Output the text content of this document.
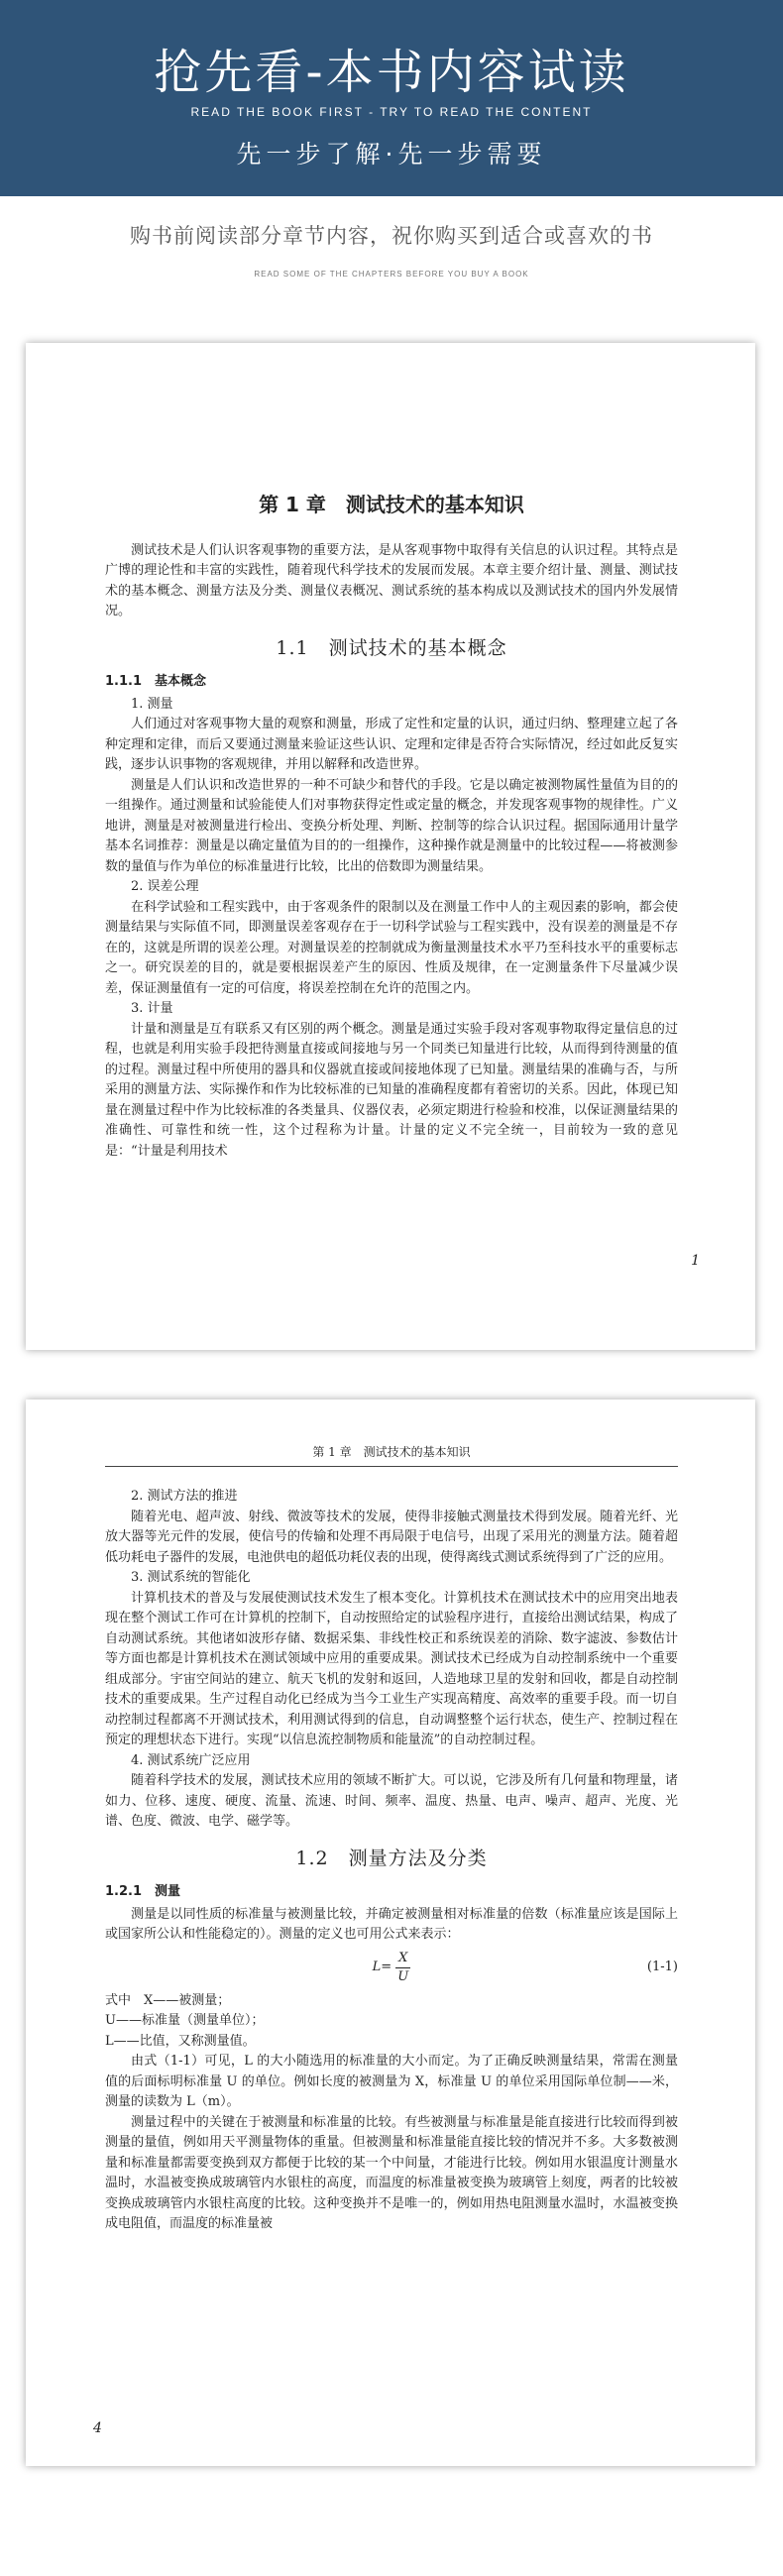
抢先看-本书内容试读
READ THE BOOK FIRST - TRY TO READ THE CONTENT
先一步了解·先一步需要
购书前阅读部分章节内容，祝你购买到适合或喜欢的书
READ SOME OF THE CHAPTERS BEFORE YOU BUY A BOOK
第 1 章　测试技术的基本知识

测试技术是人们认识客观事物的重要方法，是从客观事物中取得有关信息的认识过程。其特点是广博的理论性和丰富的实践性，随着现代科学技术的发展而发展。本章主要介绍计量、测量、测试技术的基本概念、测量方法及分类、测量仪表概况、测试系统的基本构成以及测试技术的国内外发展情况。

1.1　测试技术的基本概念
1.1.1　基本概念
1. 测量

人们通过对客观事物大量的观察和测量，形成了定性和定量的认识，通过归纳、整理建立起了各种定理和定律，而后又要通过测量来验证这些认识、定理和定律是否符合实际情况，经过如此反复实践，逐步认识事物的客观规律，并用以解释和改造世界。

测量是人们认识和改造世界的一种不可缺少和替代的手段。它是以确定被测物属性量值为目的的一组操作。通过测量和试验能使人们对事物获得定性或定量的概念，并发现客观事物的规律性。广义地讲，测量是对被测量进行检出、变换分析处理、判断、控制等的综合认识过程。据国际通用计量学基本名词推荐：测量是以确定量值为目的的一组操作，这种操作就是测量中的比较过程——将被测参数的量值与作为单位的标准量进行比较，比出的倍数即为测量结果。

2. 误差公理

在科学试验和工程实践中，由于客观条件的限制以及在测量工作中人的主观因素的影响，都会使测量结果与实际值不同，即测量误差客观存在于一切科学试验与工程实践中，没有误差的测量是不存在的，这就是所谓的误差公理。对测量误差的控制就成为衡量测量技术水平乃至科技水平的重要标志之一。研究误差的目的，就是要根据误差产生的原因、性质及规律，在一定测量条件下尽量减少误差，保证测量值有一定的可信度，将误差控制在允许的范围之内。

3. 计量

计量和测量是互有联系又有区别的两个概念。测量是通过实验手段对客观事物取得定量信息的过程，也就是利用实验手段把待测量直接或间接地与另一个同类已知量进行比较，从而得到待测量的值的过程。测量过程中所使用的器具和仪器就直接或间接地体现了已知量。测量结果的准确与否，与所采用的测量方法、实际操作和作为比较标准的已知量的准确程度都有着密切的关系。因此，体现已知量在测量过程中作为比较标准的各类量具、仪器仪表，必须定期进行检验和校准，以保证测量结果的准确性、可靠性和统一性，这个过程称为计量。计量的定义不完全统一，目前较为一致的意见是：“计量是利用技术

1
第 1 章　测试技术的基本知识
2. 测试方法的推进

随着光电、超声波、射线、微波等技术的发展，使得非接触式测量技术得到发展。随着光纤、光放大器等光元件的发展，使信号的传输和处理不再局限于电信号，出现了采用光的测量方法。随着超低功耗电子器件的发展，电池供电的超低功耗仪表的出现，使得离线式测试系统得到了广泛的应用。

3. 测试系统的智能化

计算机技术的普及与发展使测试技术发生了根本变化。计算机技术在测试技术中的应用突出地表现在整个测试工作可在计算机的控制下，自动按照给定的试验程序进行，直接给出测试结果，构成了自动测试系统。其他诸如波形存储、数据采集、非线性校正和系统误差的消除、数字滤波、参数估计等方面也都是计算机技术在测试领域中应用的重要成果。测试技术已经成为自动控制系统中一个重要组成部分。宇宙空间站的建立、航天飞机的发射和返回，人造地球卫星的发射和回收，都是自动控制技术的重要成果。生产过程自动化已经成为当今工业生产实现高精度、高效率的重要手段。而一切自动控制过程都离不开测试技术，利用测试得到的信息，自动调整整个运行状态，使生产、控制过程在预定的理想状态下进行。实现“以信息流控制物质和能量流”的自动控制过程。

4. 测试系统广泛应用

随着科学技术的发展，测试技术应用的领域不断扩大。可以说，它涉及所有几何量和物理量，诸如力、位移、速度、硬度、流量、流速、时间、频率、温度、热量、电声、噪声、超声、光度、光谱、色度、微波、电学、磁学等。

1.2　测量方法及分类
1.2.1　测量

测量是以同性质的标准量与被测量比较，并确定被测量相对标准量的倍数（标准量应该是国际上或国家所公认和性能稳定的）。测量的定义也可用公式来表示：

$L= \frac{X}{U}$	(1-1)

式中　X——被测量；

U——标准量（测量单位）；

L——比值，又称测量值。

由式（1-1）可见，L 的大小随选用的标准量的大小而定。为了正确反映测量结果，常需在测量值的后面标明标准量 U 的单位。例如长度的被测量为 X，标准量 U 的单位采用国际单位制——米，测量的读数为 L（m）。

测量过程中的关键在于被测量和标准量的比较。有些被测量与标准量是能直接进行比较而得到被测量的量值，例如用天平测量物体的重量。但被测量和标准量能直接比较的情况并不多。大多数被测量和标准量都需要变换到双方都便于比较的某一个中间量，才能进行比较。例如用水银温度计测量水温时，水温被变换成玻璃管内水银柱的高度，而温度的标准量被变换为玻璃管上刻度，两者的比较被变换成玻璃管内水银柱高度的比较。这种变换并不是唯一的，例如用热电阻测量水温时，水温被变换成电阻值，而温度的标准量被

4
